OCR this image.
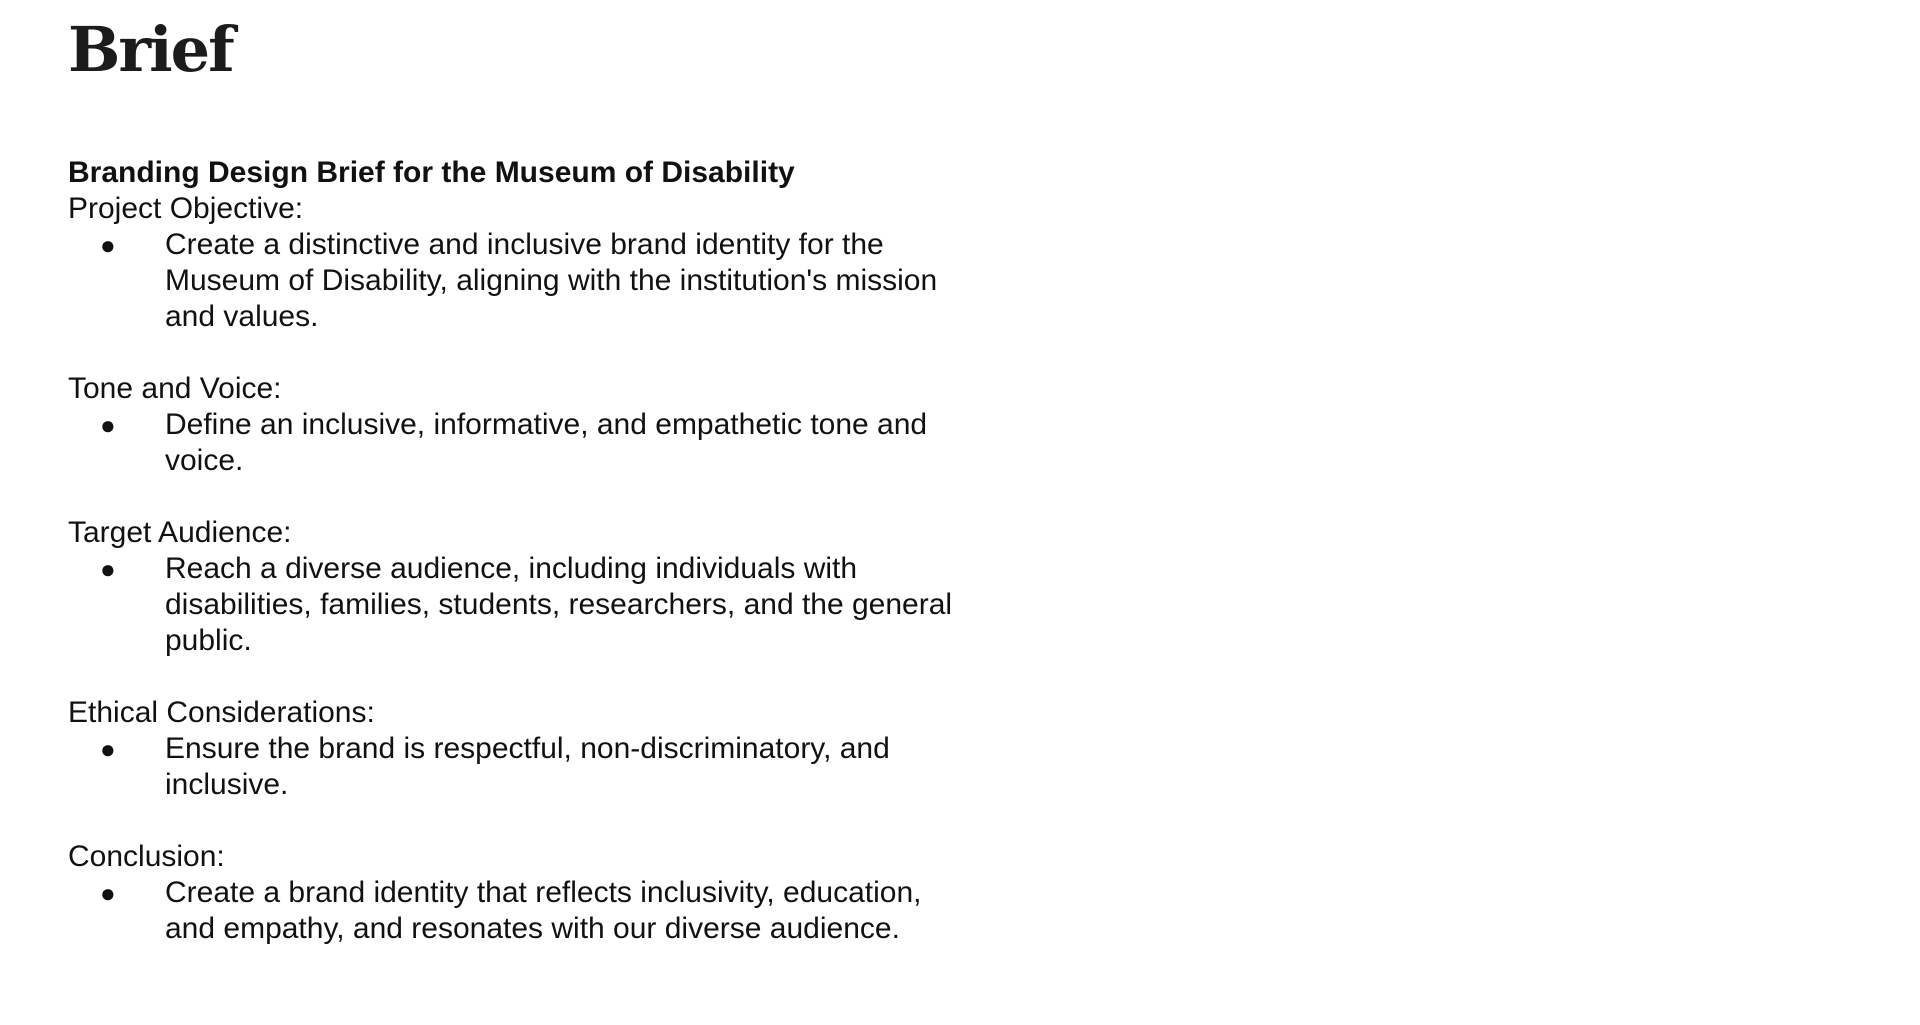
Brief

Branding Design Brief for the Museum of Disability

Project Objective:

● Create a distinctive and inclusive brand identity for the Museum of Disability, aligning with the institution's mission and values.

Tone and Voice:

● Define an inclusive, informative, and empathetic tone and voice.

Target Audience:

● Reach a diverse audience, including individuals with disabilities, families, students, researchers, and the general public.

Ethical Considerations:

● Ensure the brand is respectful, non-discriminatory, and inclusive.

Conclusion:

● Create a brand identity that reflects inclusivity, education, and empathy, and resonates with our diverse audience.
